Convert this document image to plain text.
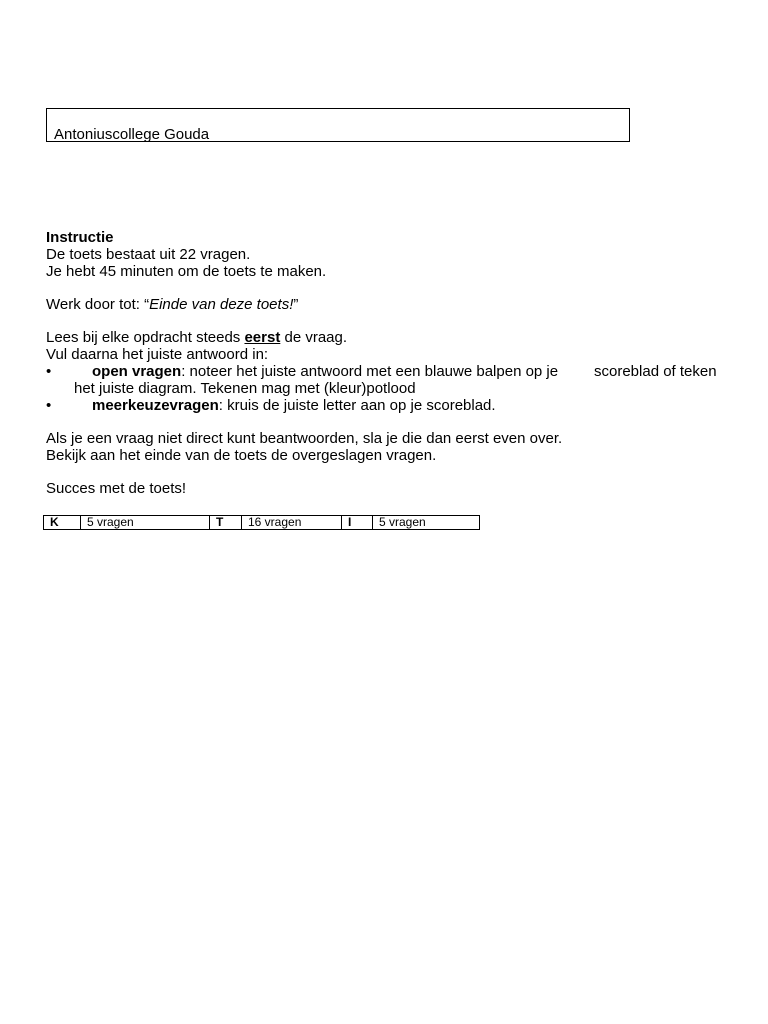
Antoniuscollege Gouda
Instructie
De toets bestaat uit 22 vragen.
Je hebt 45 minuten om de toets te maken.
Werk door tot: “Einde van deze toets!”
Lees bij elke opdracht steeds eerst de vraag.
Vul daarna het juiste antwoord in:
•	open vragen: noteer het juiste antwoord met een blauwe balpen op je scoreblad of teken
het juiste diagram. Tekenen mag met (kleur)potlood
•	meerkeuzevragen: kruis de juiste letter aan op je scoreblad.
Als je een vraag niet direct kunt beantwoorden, sla je die dan eerst even over.
Bekijk aan het einde van de toets de overgeslagen vragen.
Succes met de toets!
K	5 vragen	T	16 vragen	I	5 vragen
